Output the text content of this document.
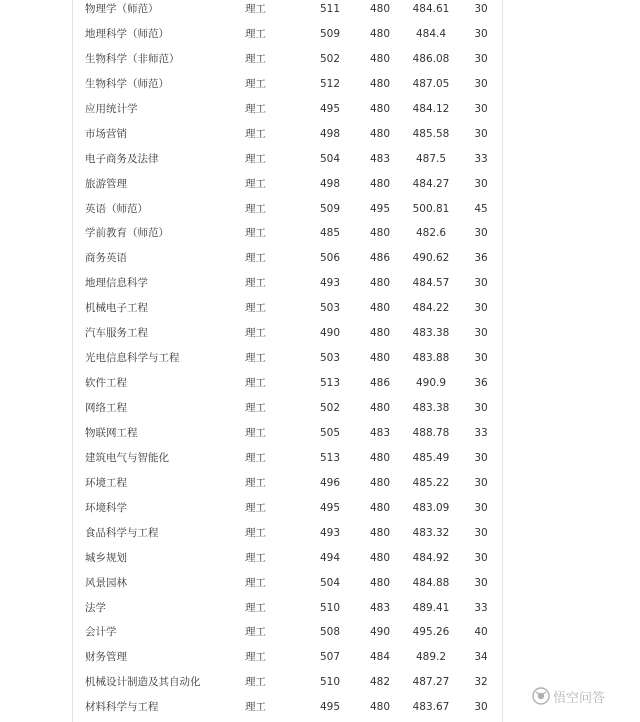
物理学（师范）	理工	511	480	484.61	30
地理科学（师范）	理工	509	480	484.4	30
生物科学（非师范）	理工	502	480	486.08	30
生物科学（师范）	理工	512	480	487.05	30
应用统计学	理工	495	480	484.12	30
市场营销	理工	498	480	485.58	30
电子商务及法律	理工	504	483	487.5	33
旅游管理	理工	498	480	484.27	30
英语（师范）	理工	509	495	500.81	45
学前教育（师范）	理工	485	480	482.6	30
商务英语	理工	506	486	490.62	36
地理信息科学	理工	493	480	484.57	30
机械电子工程	理工	503	480	484.22	30
汽车服务工程	理工	490	480	483.38	30
光电信息科学与工程	理工	503	480	483.88	30
软件工程	理工	513	486	490.9	36
网络工程	理工	502	480	483.38	30
物联网工程	理工	505	483	488.78	33
建筑电气与智能化	理工	513	480	485.49	30
环境工程	理工	496	480	485.22	30
环境科学	理工	495	480	483.09	30
食品科学与工程	理工	493	480	483.32	30
城乡规划	理工	494	480	484.92	30
风景园林	理工	504	480	484.88	30
法学	理工	510	483	489.41	33
会计学	理工	508	490	495.26	40
财务管理	理工	507	484	489.2	34
机械设计制造及其自动化	理工	510	482	487.27	32
材料科学与工程	理工	495	480	483.67	30
悟空问答
